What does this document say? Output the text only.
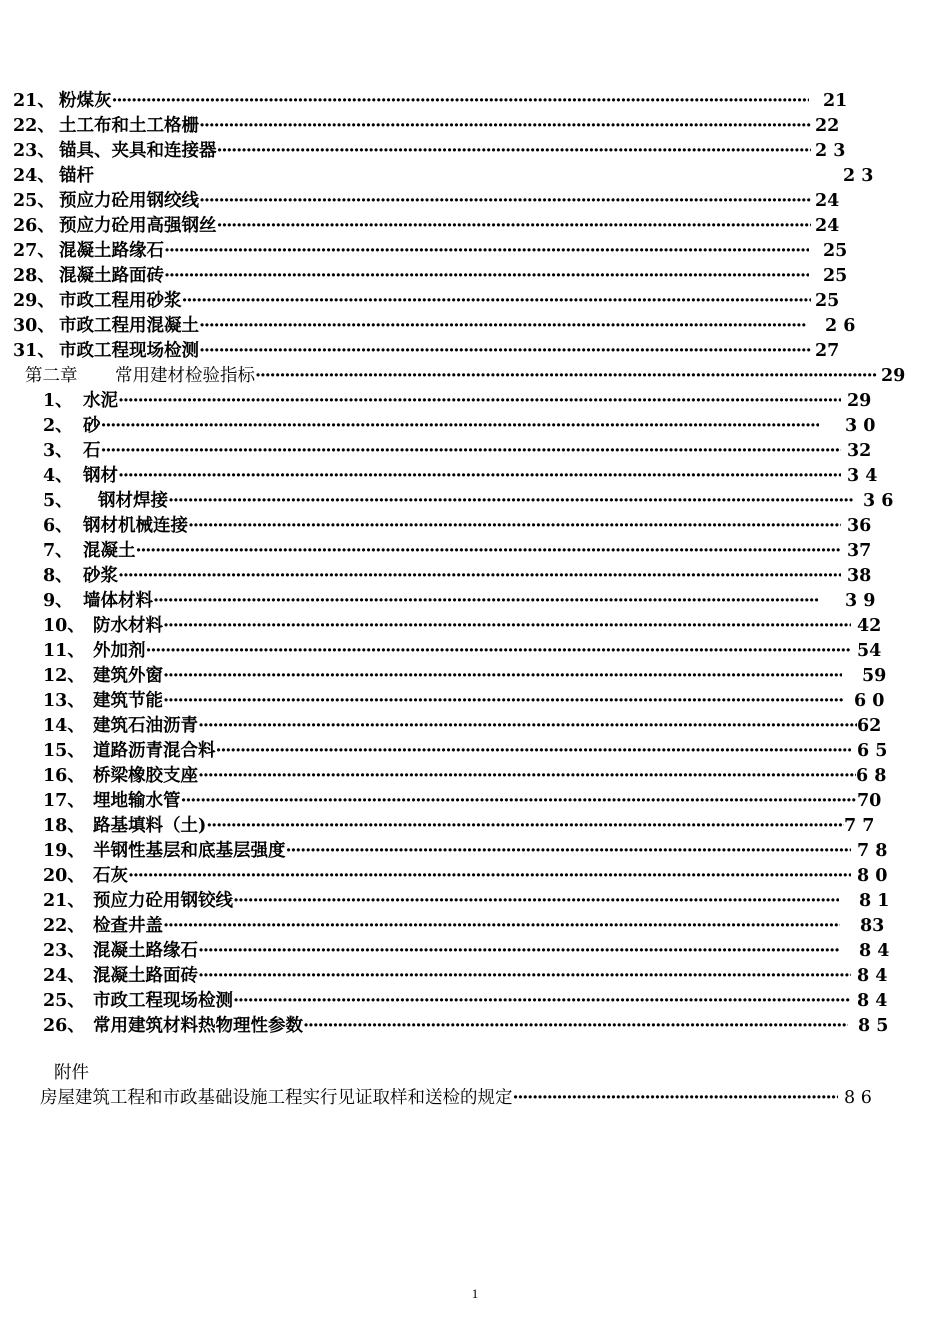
21、 粉煤灰 ·····	21
22、 土工布和土工格栅 ·····	22
23、 锚具、夹具和连接器 ·····	2 3
24、 锚杆	2 3
25、 预应力砼用钢绞线 ·····	24
26、 预应力砼用高强钢丝 ·····	24
27、 混凝土路缘石 ·····	25
28、 混凝土路面砖 ·····	25
29、 市政工程用砂浆 ·····	25
30、 市政工程用混凝土 ·····	2 6
31、 市政工程现场检测 ·····	27
第二章	常用建材检验指标 ·····	29
1、 水泥 ·····	29
2、 砂 ·····	3 0
3、 石 ·····	32
4、 钢材 ·····	3 4
5、	钢材焊接 ·····	3 6
6、 钢材机械连接 ·····	36
7、 混凝土 ·····	37
8、 砂浆 ·····	38
9、 墙体材料 ·····	3 9
10、 防水材料 ·····	42
11、 外加剂 ·····	54
12、 建筑外窗 ·····	59
13、 建筑节能 ·····	6 0
14、 建筑石油沥青 ·····	62
15、 道路沥青混合料 ·····	6 5
16、 桥梁橡胶支座 ·····	6 8
17、 埋地输水管 ·····	70
18、 路基填料（土) ·····	7 7
19、 半钢性基层和底基层强度 ·····	7 8
20、 石灰 ·····	8 0
21、 预应力砼用钢铰线 ·····	8 1
22、 检查井盖 ·····	83
23、 混凝土路缘石 ·····	8 4
24、 混凝土路面砖 ·····	8 4
25、 市政工程现场检测 ·····	8 4
26、 常用建筑材料热物理性参数 ·····	8 5
附件
房屋建筑工程和市政基础设施工程实行见证取样和送检的规定 ·····	8 6
1
